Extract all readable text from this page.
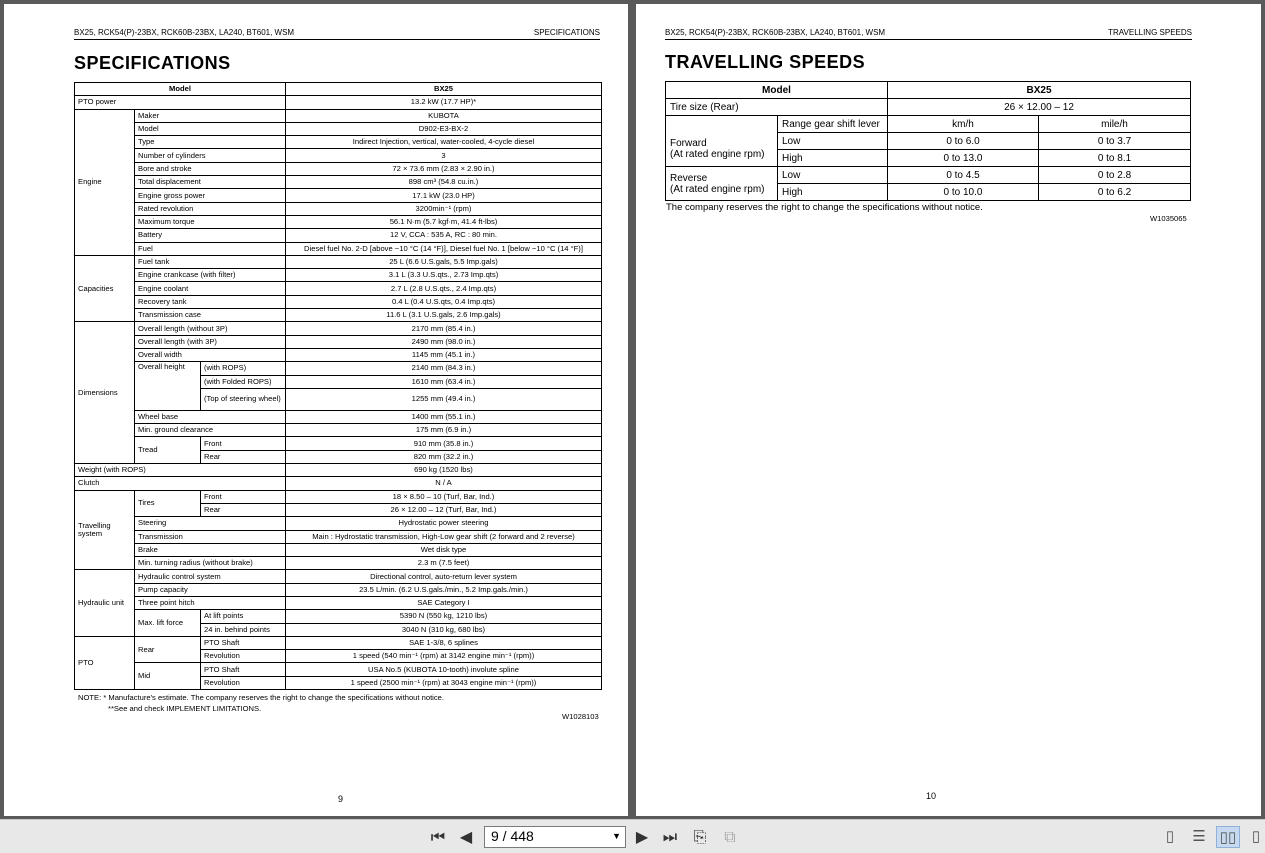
BX25, RCK54(P)-23BX, RCK60B-23BX, LA240, BT601, WSM	SPECIFICATIONS
SPECIFICATIONS
Model			BX25
PTO power			13.2 kW (17.7 HP)*
Engine	Maker		KUBOTA
	Model		D902-E3-BX-2
	Type		Indirect Injection, vertical, water-cooled, 4-cycle diesel
	Number of cylinders		3
	Bore and stroke		72 × 73.6 mm (2.83 × 2.90 in.)
	Total displacement		898 cm³ (54.8 cu.in.)
	Engine gross power		17.1 kW (23.0 HP)
	Rated revolution		3200min⁻¹ (rpm)
	Maximum torque		56.1 N·m (5.7 kgf·m, 41.4 ft-lbs)
	Battery		12 V, CCA : 535 A, RC : 80 min.
	Fuel		Diesel fuel No. 2-D [above −10 °C (14 °F)], Diesel fuel No. 1 [below −10 °C (14 °F)]
Capacities	Fuel tank		25 L (6.6 U.S.gals, 5.5 Imp.gals)
	Engine crankcase (with filter)		3.1 L (3.3 U.S.qts., 2.73 Imp.qts)
	Engine coolant		2.7 L (2.8 U.S.qts., 2.4 Imp.qts)
	Recovery tank		0.4 L (0.4 U.S.qts, 0.4 Imp.qts)
	Transmission case		11.6 L (3.1 U.S.gals, 2.6 Imp.gals)
Dimensions	Overall length (without 3P)		2170 mm (85.4 in.)
	Overall length (with 3P)		2490 mm (98.0 in.)
	Overall width		1145 mm (45.1 in.)
	Overall height	(with ROPS)	2140 mm (84.3 in.)
		(with Folded ROPS)	1610 mm (63.4 in.)
		(Top of steering wheel)	1255 mm (49.4 in.)
	Wheel base		1400 mm (55.1 in.)
	Min. ground clearance		175 mm (6.9 in.)
	Tread	Front	910 mm (35.8 in.)
		Rear	820 mm (32.2 in.)
Weight (with ROPS)			690 kg (1520 lbs)
Clutch			N / A
Travelling system	Tires	Front	18 × 8.50 – 10 (Turf, Bar, Ind.)
		Rear	26 × 12.00 – 12 (Turf, Bar, Ind.)
	Steering		Hydrostatic power steering
	Transmission		Main : Hydrostatic transmission, High-Low gear shift (2 forward and 2 reverse)
	Brake		Wet disk type
	Min. turning radius (without brake)		2.3 m (7.5 feet)
Hydraulic unit	Hydraulic control system		Directional control, auto-return lever system
	Pump capacity		23.5 L/min. (6.2 U.S.gals./min., 5.2 Imp.gals./min.)
	Three point hitch		SAE Category I
	Max. lift force	At lift points	5390 N (550 kg, 1210 lbs)
		24 in. behind points	3040 N (310 kg, 680 lbs)
PTO	Rear	PTO Shaft	SAE 1-3/8, 6 splines
		Revolution	1 speed (540 min⁻¹ (rpm) at 3142 engine min⁻¹ (rpm))
	Mid	PTO Shaft	USA No.5 (KUBOTA 10-tooth) involute spline
		Revolution	1 speed (2500 min⁻¹ (rpm) at 3043 engine min⁻¹ (rpm))
NOTE: * Manufacture's estimate. The company reserves the right to change the specifications without notice.
**See and check IMPLEMENT LIMITATIONS.
W1028103
9
BX25, RCK54(P)-23BX, RCK60B-23BX, LA240, BT601, WSM	TRAVELLING SPEEDS
TRAVELLING SPEEDS
Model		BX25	
Tire size (Rear)		26 × 12.00 – 12	
	Range gear shift lever	km/h	mile/h

Forward
(At rated engine rpm)	Low	0 to 6.0	0 to 3.7
	High	0 to 13.0	0 to 8.1

Reverse
(At rated engine rpm)	Low	0 to 4.5	0 to 2.8
	High	0 to 10.0	0 to 6.2
The company reserves the right to change the specifications without notice.
W1035065
10
⏮ ◀	9 / 448	▼ ▶ ⏭ ⎘ ⧉	▯	☰ ▯▯	▯
